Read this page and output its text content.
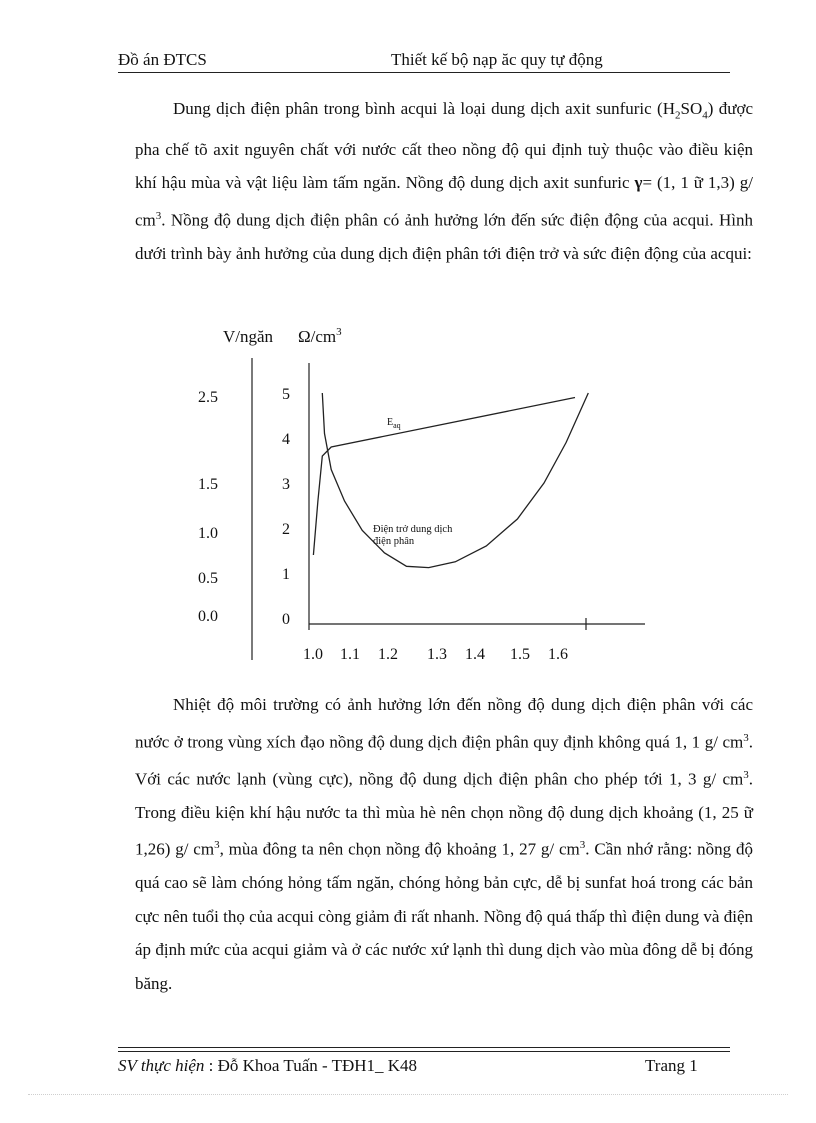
Đồ án ĐTCS	Thiết kế bộ nạp ăc quy tự động

Dung dịch điện phân trong bình acqui là loại dung dịch axit sunfuric $(H_2SO_4)$ được pha chế tõ axit nguyên chất với nước cất theo nồng độ qui định tuỳ thuộc vào điều kiện khí hậu mùa và vật liệu làm tấm ngăn. Nồng độ dung dịch axit sunfuric γ= (1, 1 ữ 1,3) g/ $cm^3$. Nồng độ dung dịch điện phân có ảnh hưởng lớn đến sức điện động của acqui. Hình dưới trình bày ảnh hưởng của dung dịch điện phân tới điện trở và sức điện động của acqui:

V/ngăn $\Omega/cm^3$
2.5
1.5
1.0
0.5
0.0
5
4
3
2
1
0
1.0 1.1 1.2 1.3 1.4 1.5 1.6
$E_{aq}$
Điện trở dung dịch
điện phân

Nhiệt độ môi trường có ảnh hưởng lớn đến nồng độ dung dịch điện phân với các nước ở trong vùng xích đạo nồng độ dung dịch điện phân quy định không quá 1, 1 g/ $cm^3$. Với các nước lạnh (vùng cực), nồng độ dung dịch điện phân cho phép tới 1, 3 g/ $cm^3$. Trong điều kiện khí hậu nước ta thì mùa hè nên chọn nồng độ dung dịch khoảng (1, 25 ữ 1,26) g/ $cm^3$, mùa đông ta nên chọn nồng độ khoảng 1, 27 g/ $cm^3$. Cần nhớ rằng: nồng độ quá cao sẽ làm chóng hỏng tấm ngăn, chóng hỏng bản cực, dễ bị sunfat hoá trong các bản cực nên tuổi thọ của acqui còng giảm đi rất nhanh. Nồng độ quá thấp thì điện dung và điện áp định mức của acqui giảm và ở các nước xứ lạnh thì dung dịch vào mùa đông dễ bị đóng băng.

SV thực hiện : Đỗ Khoa Tuấn - TĐH1_ K48	Trang 1
